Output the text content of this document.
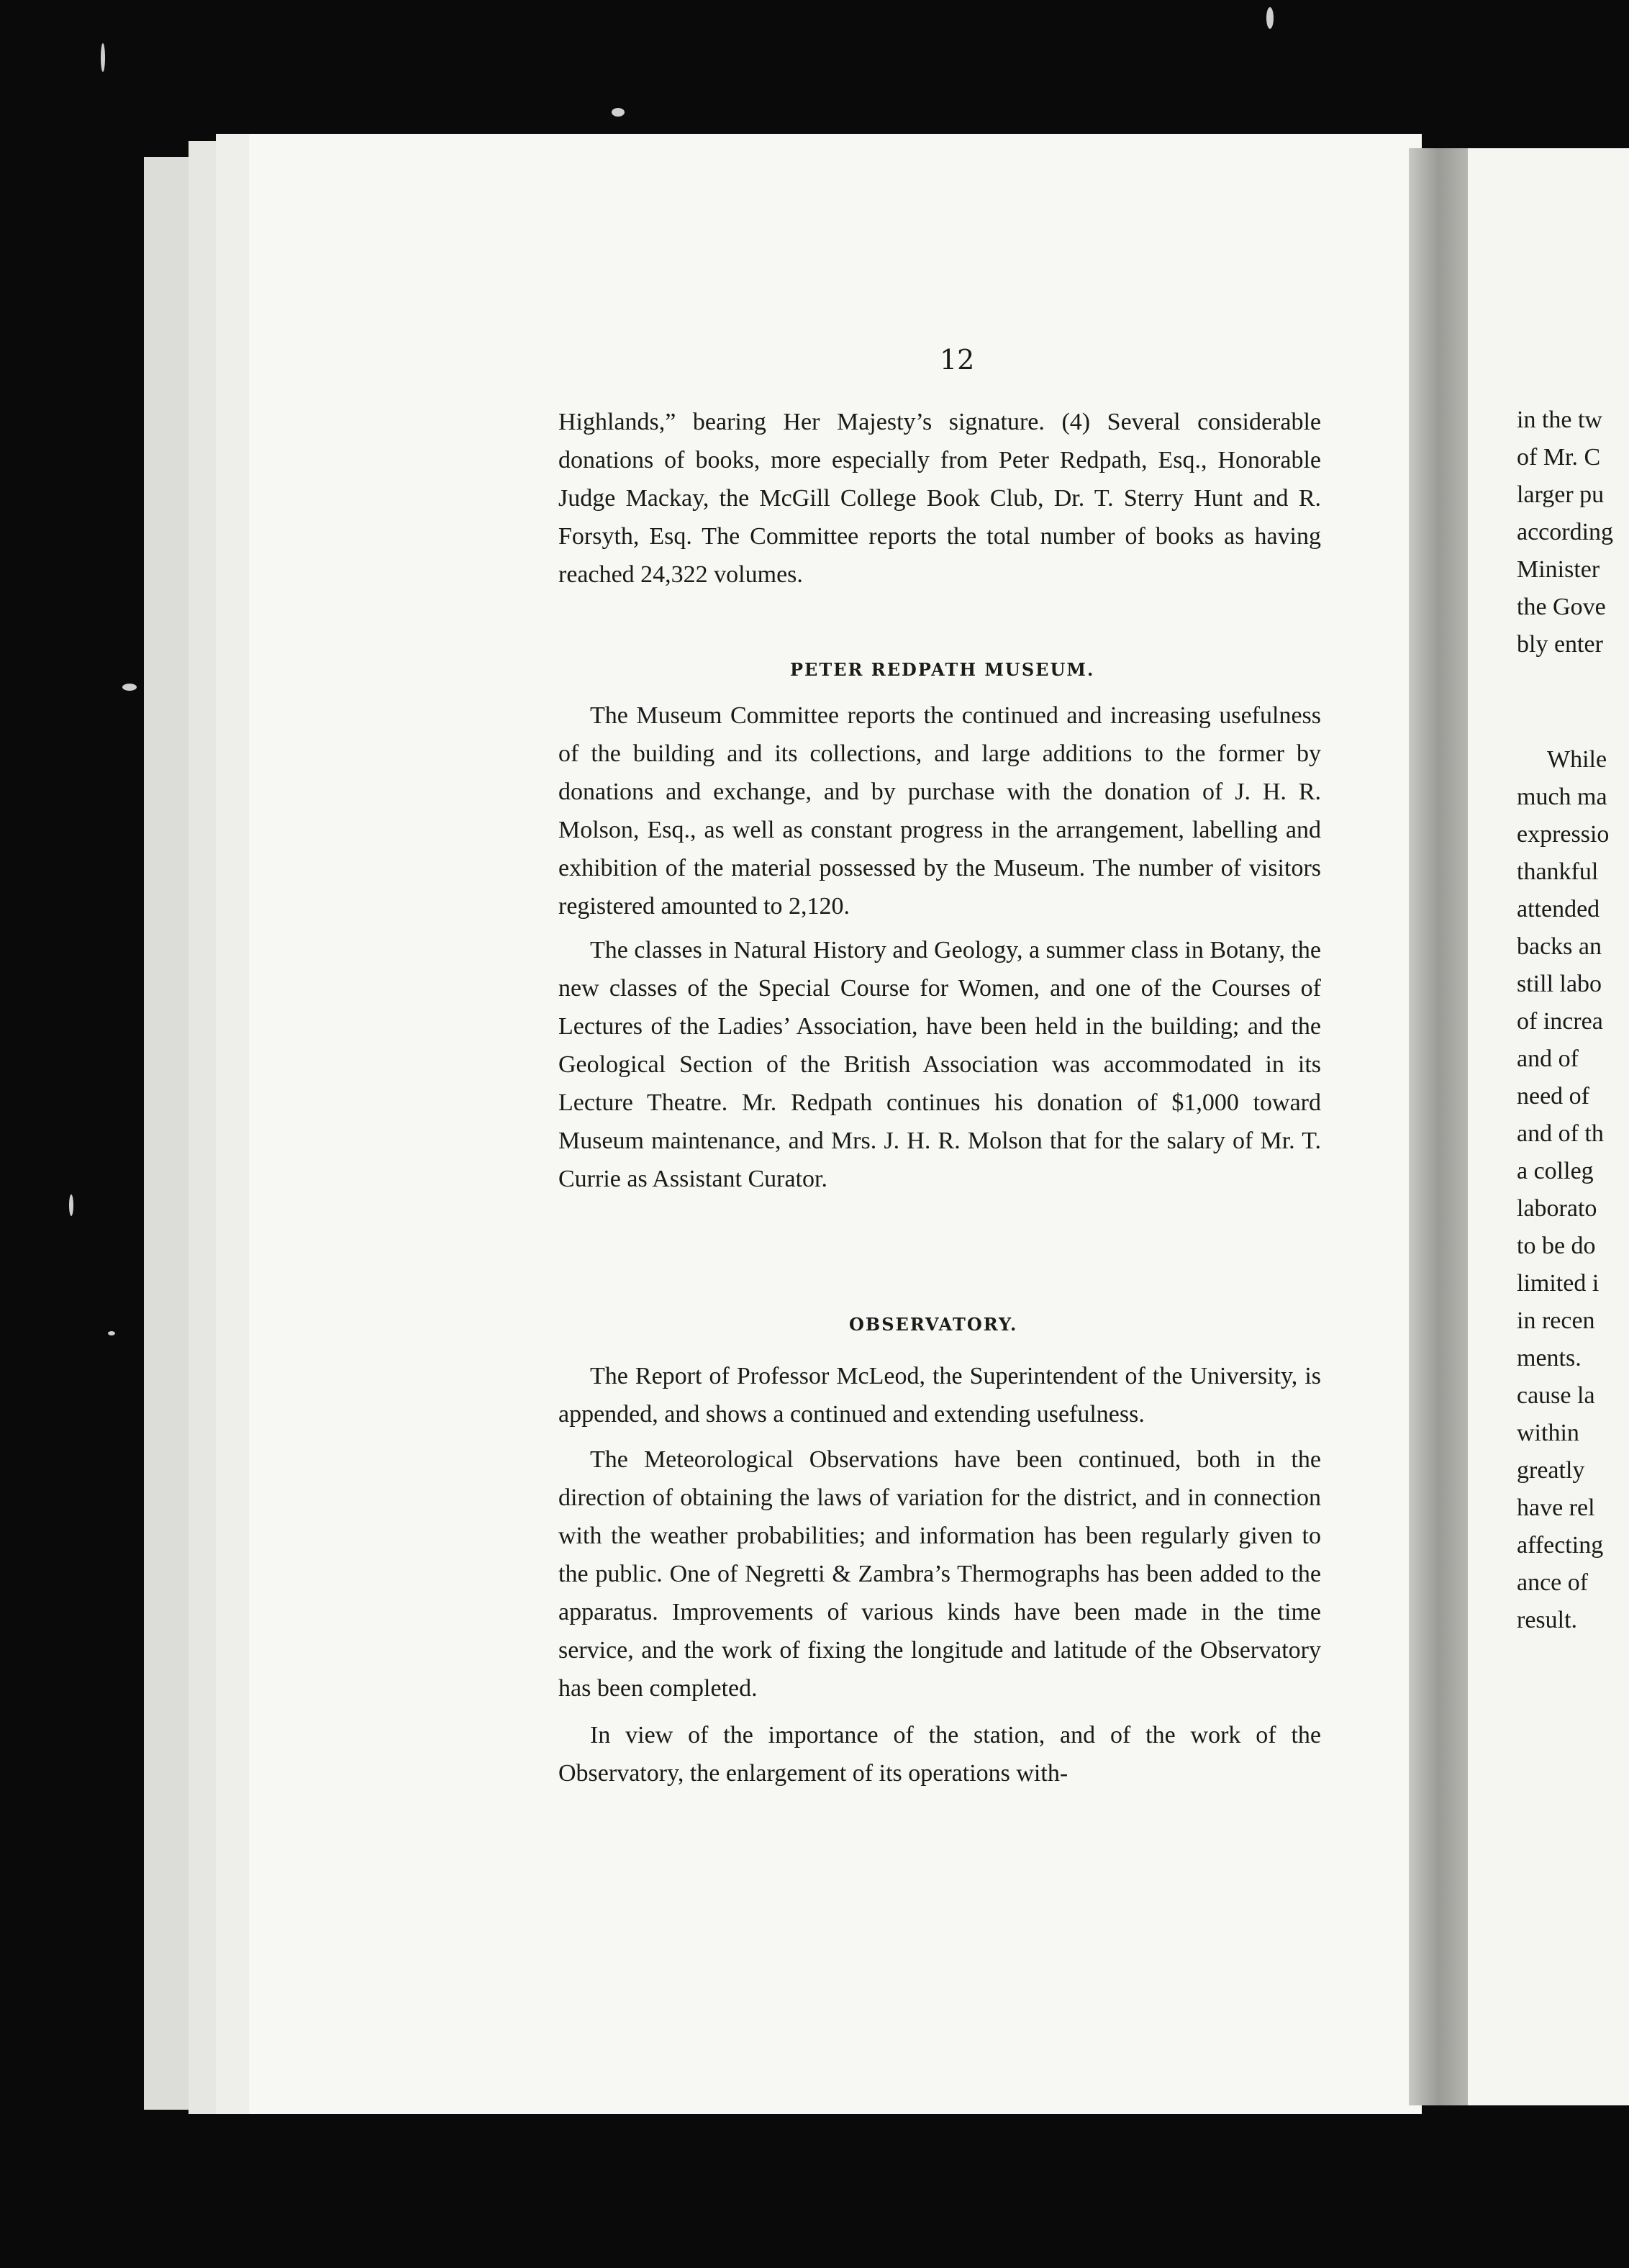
12

Highlands,” bearing Her Majesty’s signature. (4) Several considerable donations of books, more especially from Peter Redpath, Esq., Honorable Judge Mackay, the McGill College Book Club, Dr. T. Sterry Hunt and R. Forsyth, Esq. The Committee reports the total number of books as having reached 24,322 volumes.

PETER REDPATH MUSEUM.

The Museum Committee reports the continued and increasing usefulness of the building and its collections, and large additions to the former by donations and exchange, and by purchase with the donation of J. H. R. Molson, Esq., as well as constant progress in the arrangement, labelling and exhibition of the material possessed by the Museum. The number of visitors registered amounted to 2,120.

The classes in Natural History and Geology, a summer class in Botany, the new classes of the Special Course for Women, and one of the Courses of Lectures of the Ladies’ Association, have been held in the building; and the Geological Section of the British Association was accommodated in its Lecture Theatre. Mr. Redpath continues his donation of $1,000 toward Museum maintenance, and Mrs. J. H. R. Molson that for the salary of Mr. T. Currie as Assistant Curator.

OBSERVATORY.

The Report of Professor McLeod, the Superintendent of the University, is appended, and shows a continued and extending usefulness.

The Meteorological Observations have been continued, both in the direction of obtaining the laws of variation for the district, and in connection with the weather probabilities; and information has been regularly given to the public. One of Negretti & Zambra’s Thermographs has been added to the apparatus. Improvements of various kinds have been made in the time service, and the work of fixing the longitude and latitude of the Observatory has been completed.

In view of the importance of the station, and of the work of the Observatory, the enlargement of its operations with-

in the tw
of Mr. C
larger pu
according
Minister
the Gove
bly enter
While
much ma
expressio
thankful
attended
backs an
still labo
of increa
and of
need of
and of th
a colleg
laborato
to be do
limited i
in recen
ments.
cause la
within
greatly
have rel
affecting
ance of
result.
